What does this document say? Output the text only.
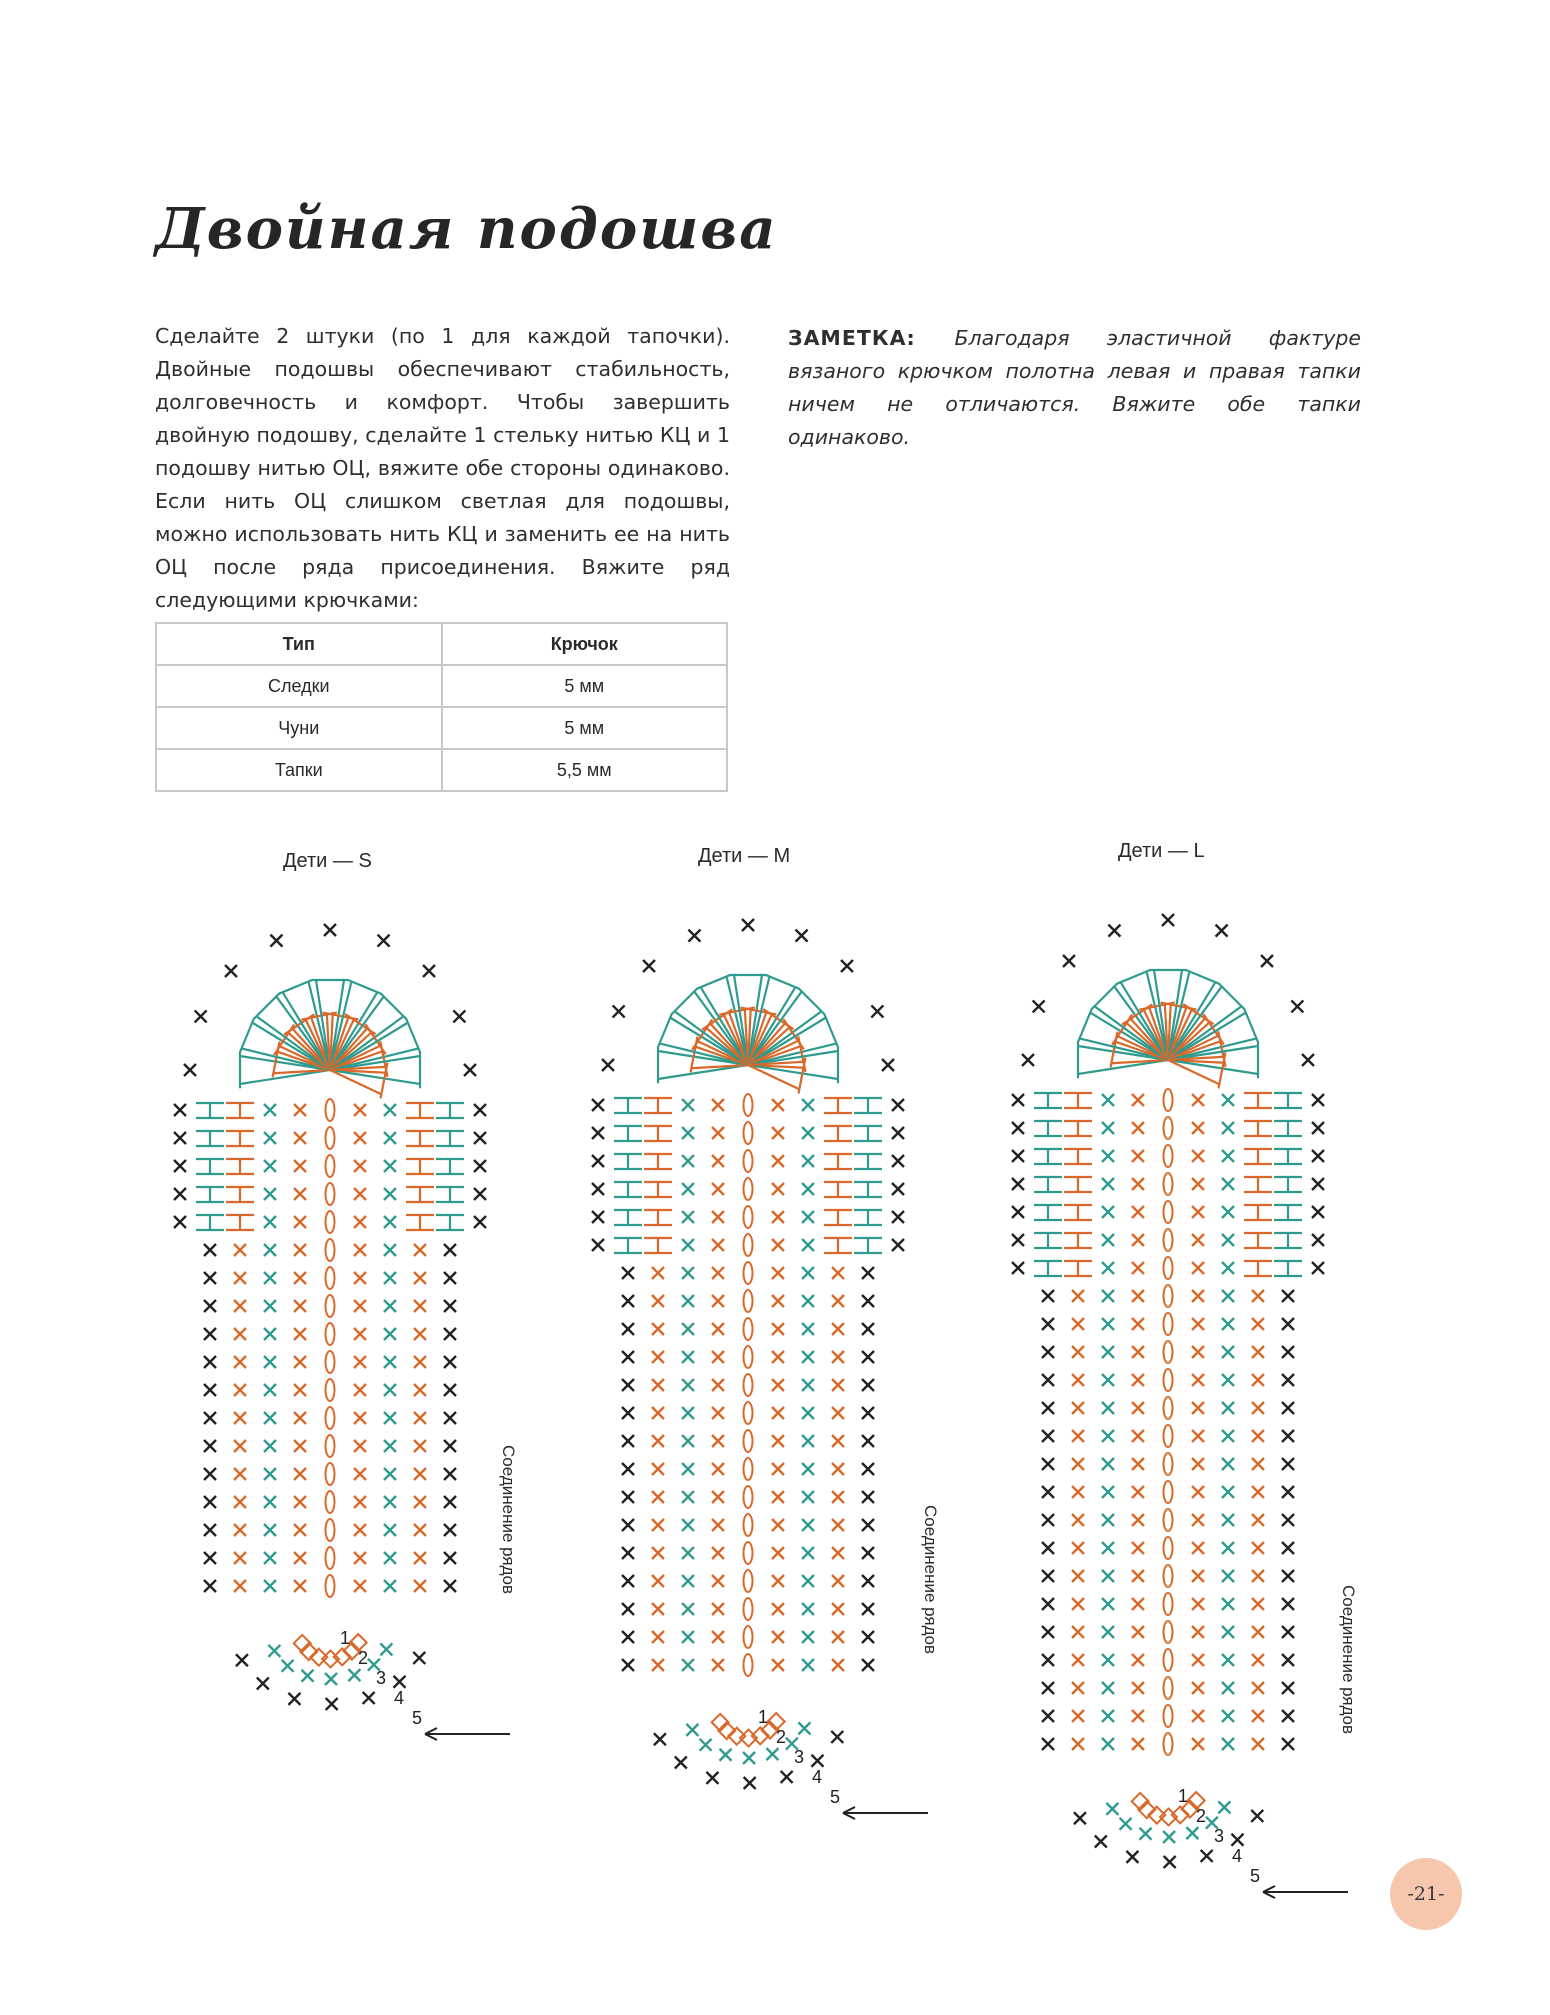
Двойная подошва
Сделайте 2 штуки (по 1 для каждой тапочки). Двойные подошвы обеспечивают стабильность, долговечность и комфорт. Чтобы завершить двойную подошву, сделайте 1 стельку нитью КЦ и 1 подошву нитью ОЦ, вяжите обе стороны одинаково. Если нить ОЦ слишком светлая для подошвы, можно использовать нить КЦ и заменить ее на нить ОЦ после ряда присоединения. Вяжите ряд следующими крючками:
ЗАМЕТКА: Благодаря эластичной фактуре вязаного крючком полотна левая и правая тапки ничем не отличаются. Вяжите обе тапки одинаково.
Тип	Крючок
Следки	5 мм
Чуни	5 мм
Тапки	5,5 мм
Дети — S	Дети — M	Дети — L
Соединение рядов	Соединение рядов
Соединение рядов
1
2
3
4
5	1
2
3
4
5	1
2
3
4
5
-21-
